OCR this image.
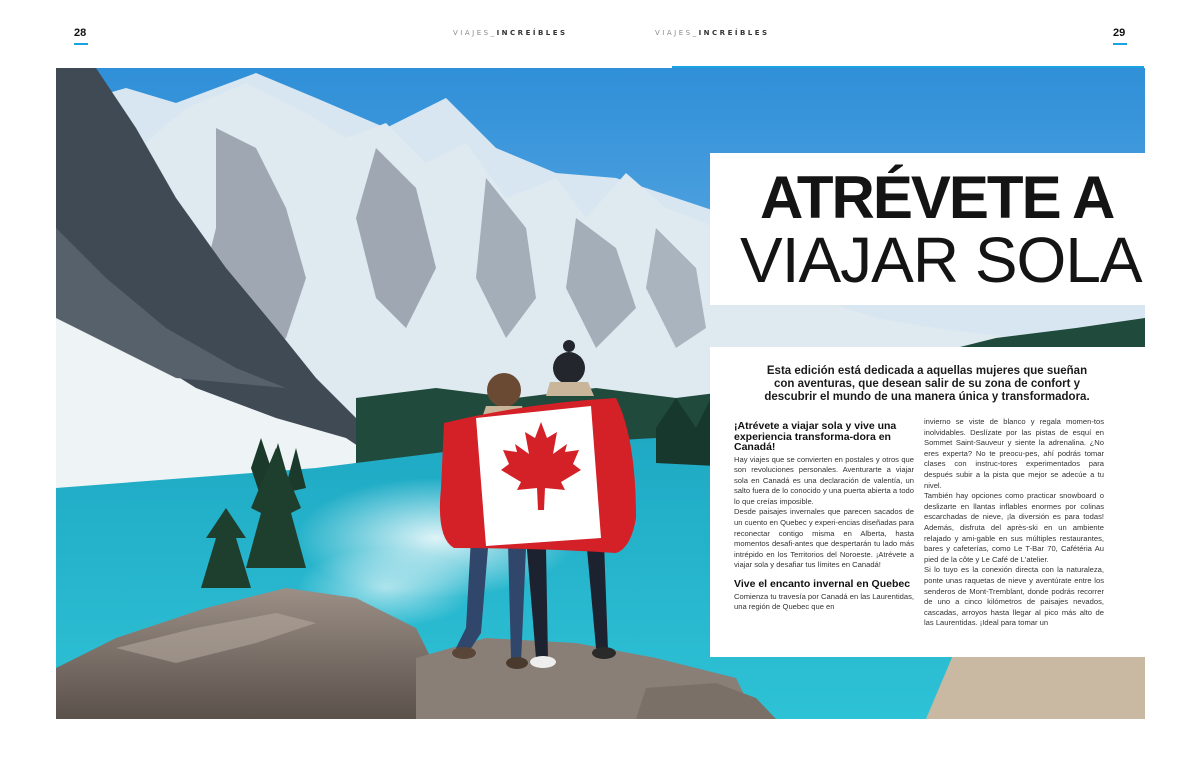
28	VIAJES_INCREÍBLES	VIAJES_INCREÍBLES	29
ATRÉVETE A
VIAJAR SOLA

Esta edición está dedicada a aquellas mujeres que sueñan con aventuras, que desean salir de su zona de confort y descubrir el mundo de una manera única y transformadora.

¡Atrévete a viajar sola y vive una experiencia transforma-dora en Canadá!

Hay viajes que se convierten en postales y otros que son revoluciones personales. Aventurarte a viajar sola en Canadá es una declaración de valentía, un salto fuera de lo conocido y una puerta abierta a todo lo que creías imposible.

Desde paisajes invernales que parecen sacados de un cuento en Quebec y experi-encias diseñadas para reconectar contigo misma en Alberta, hasta momentos desafi-antes que despertarán tu lado más intrépido en los Territorios del Noroeste. ¡Atrévete a viajar sola y desafiar tus límites en Canadá!

Vive el encanto invernal en Quebec

Comienza tu travesía por Canadá en las Laurentidas, una región de Quebec que en

invierno se viste de blanco y regala momen-tos inolvidables. Deslízate por las pistas de esquí en Sommet Saint-Sauveur y siente la adrenalina. ¿No eres experta? No te preocu-pes, ahí podrás tomar clases con instruc-tores experimentados para después subir a la pista que mejor se adecúe a tu nivel.

También hay opciones como practicar snowboard o deslizarte en llantas inflables enormes por colinas escarchadas de nieve, ¡la diversión es para todas! Además, disfruta del après-ski en un ambiente relajado y ami-gable en sus múltiples restaurantes, bares y cafeterías, como Le T-Bar 70, Cafétéria Au pied de la côte y Le Café de L'atelier.

Si lo tuyo es la conexión directa con la naturaleza, ponte unas raquetas de nieve y aventúrate entre los senderos de Mont-Tremblant, donde podrás recorrer de uno a cinco kilómetros de paisajes nevados, cascadas, arroyos hasta llegar al pico más alto de las Laurentidas. ¡Ideal para tomar un
